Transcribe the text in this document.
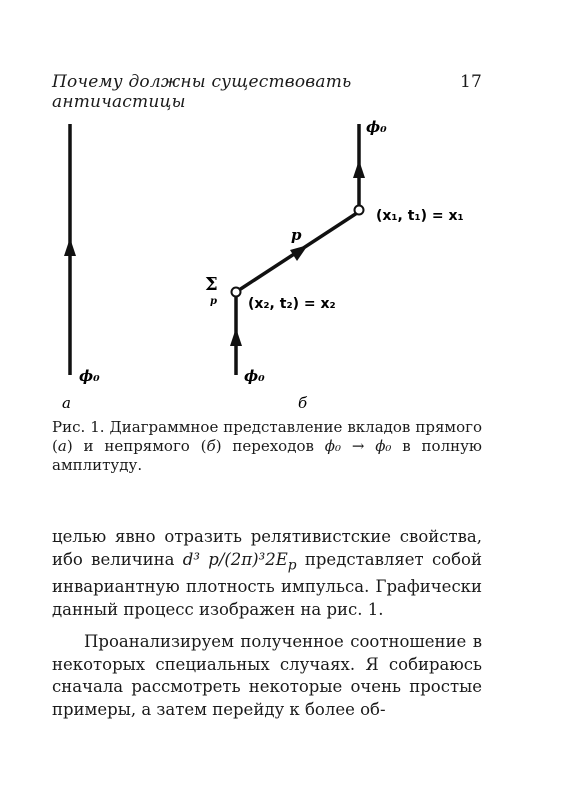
Почему должны существовать античастицы
17
ϕ₀
а
ϕ₀
ϕ₀
(x₁, t₁) = x₁
(x₂, t₂) = x₂
p
Σ
p
б
Рис. 1. Диаграммное представление вкладов прямого (а) и непрямого (б) переходов ϕ₀ → ϕ₀ в полную амплитуду.

целью явно отразить релятивистские свойства, ибо величина d³ $p/(2\pi)^32E_p$ представляет собой инвариантную плотность импульса. Графически данный процесс изображен на рис. 1.

Проанализируем полученное соотношение в некоторых специальных случаях. Я собираюсь сначала рассмотреть некоторые очень простые примеры, а затем перейду к более об-
